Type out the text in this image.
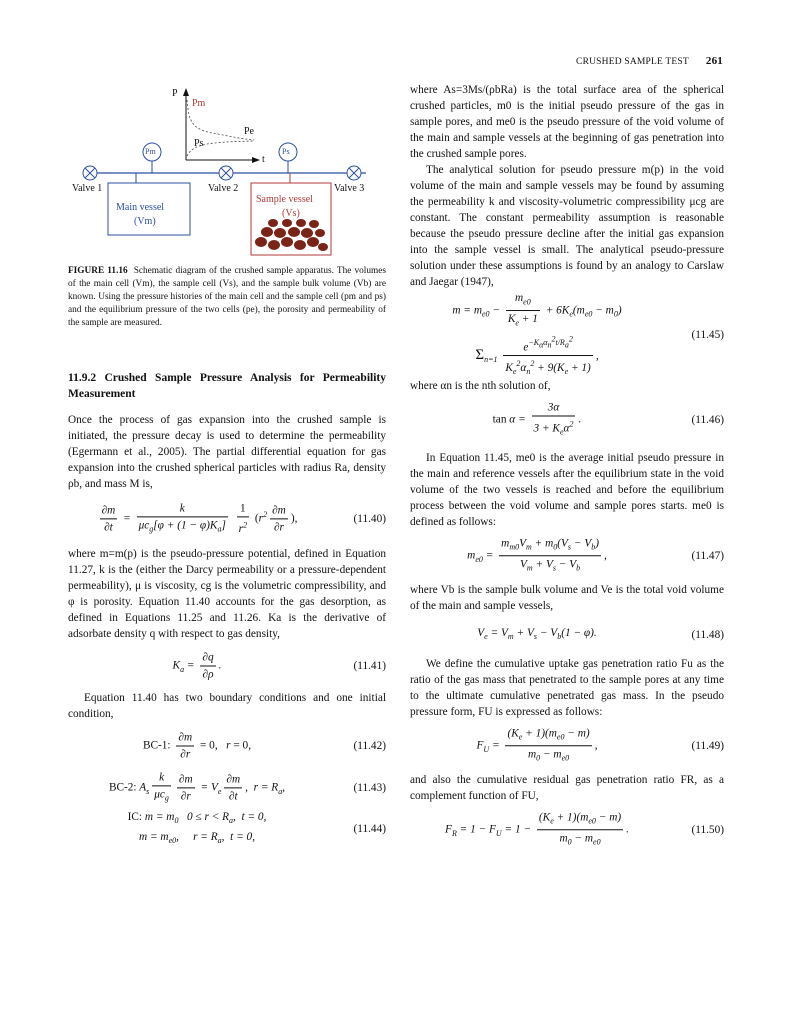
CRUSHED SAMPLE TEST 261
P
t
Pm
Ps
Pe
Pm	Ps
Valve 1	Valve 2	Valve 3
Main vessel
(Vm)
Sample vessel
(Vs)
FIGURE 11.16 Schematic diagram of the crushed sample apparatus. The volumes of the main cell (Vm), the sample cell (Vs), and the sample bulk volume (Vb) are known. Using the pressure histories of the main cell and the sample cell (pm and ps) and the equilibrium pressure of the two cells (pe), the porosity and permeability of the sample are measured.
11.9.2 Crushed Sample Pressure Analysis for Permeability Measurement

Once the process of gas expansion into the crushed sample is initiated, the pressure decay is used to determine the permeability (Egermann et al., 2005). The partial differential equation for gas expansion into the crushed spherical particles with radius Ra, density ρb, and mass M is,

$\frac{\partial m}{\partial t} = \frac{k}{\mu c_g[\varphi + (1 - \varphi)K_a]}$
$\frac{1}{r^2} (r^2 \frac{\partial m}{\partial r}$ ),	(11.40)

where m=m(p) is the pseudo-pressure potential, defined in Equation 11.27, k is the (either the Darcy permeability or a pressure-dependent permeability), μ is viscosity, cg is the volumetric compressibility, and φ is porosity. Equation 11.40 accounts for the gas desorption, as defined in Equations 11.25 and 11.26. Ka is the derivative of adsorbate density q with respect to gas density,

$K_a = \frac{\partial q}{\partial\rho}$ .	(11.41)

Equation 11.40 has two boundary conditions and one initial condition,

BC-1: $\frac{\partial m}{\partial r} = 0$,   r = 0,	(11.42)
BC-2: $A_s \frac{k}{\mu c_g} \frac{\partial m}{\partial r} = V_e \frac{\partial m}{\partial t}$ ,  $r = R_a$,	(11.43)
IC: $m = m_0$   $0 \le r < R_a$,  t = 0,
$m = m_{e0}$,     $r = R_a$,  t = 0,
(11.44)

where As=3Ms/(ρbRa) is the total surface area of the spherical crushed particles, m0 is the initial pseudo pressure of the gas in sample pores, and me0 is the pseudo pressure of the void volume of the main and sample vessels at the beginning of gas penetration into the crushed sample pores.

The analytical solution for pseudo pressure m(p) in the void volume of the main and sample vessels may be found by assuming the permeability k and viscosity-volumetric compressibility μcg are constant. The constant permeability assumption is reasonable because the pseudo pressure decline after the initial gas expansion into the sample vessel is small. The analytical pseudo-pressure solution under these assumptions is found by an analogy to Carslaw and Jaegar (1947),

$m = m_{e0} - \frac{m_{e0}}{K_e + 1} + 6K_e(m_{e0} - m_0)$
$\Sigma_{n=1} \frac{e^{-K_\alpha\alpha_n^2t/R_a^2}}{K_e^2\alpha_n^2 + 9(K_e + 1)}$ ,
(11.45)

where αn is the nth solution of,

$\tan \alpha = \frac{3\alpha}{3 + K_e\alpha^2}$ .	(11.46)

In Equation 11.45, me0 is the average initial pseudo pressure in the main and reference vessels after the equilibrium state in the void volume of the two vessels is reached and before the equilibrium process between the void volume and sample pores starts. me0 is defined as follows:

$m_{e0} = \frac{m_{m0}V_m + m_0(V_s - V_b)}{V_m + V_s - V_b}$ ,	(11.47)

where Vb is the sample bulk volume and Ve is the total void volume of the main and sample vessels,

$V_e = V_m + V_s - V_b(1 - \varphi)$.	(11.48)

We define the cumulative uptake gas penetration ratio Fu as the ratio of the gas mass that penetrated to the sample pores at any time to the ultimate cumulative penetrated gas mass. In the pseudo pressure form, FU is expressed as follows:

$F_U = \frac{(K_e + 1)(m_{e0} - m)}{m_0 - m_{e0}}$ ,	(11.49)

and also the cumulative residual gas penetration ratio FR, as a complement function of FU,

$F_R = 1 - F_U = 1 - \frac{(K_e + 1)(m_{e0} - m)}{m_0 - m_{e0}}$ .	(11.50)
